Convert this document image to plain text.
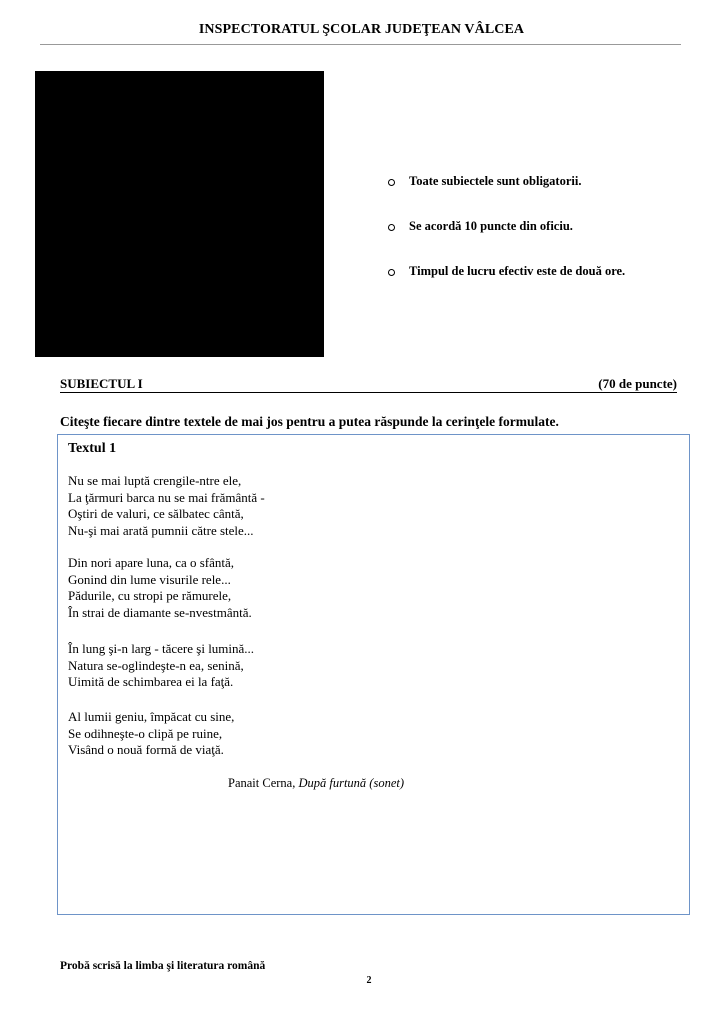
INSPECTORATUL ŞCOLAR JUDEŢEAN VÂLCEA
Toate subiectele sunt obligatorii.
Se acordă 10 puncte din oficiu.
Timpul de lucru efectiv este de două ore.
SUBIECTUL I	(70 de puncte)
Citeşte fiecare dintre textele de mai jos pentru a putea răspunde la cerinţele formulate.
Textul 1
Nu se mai luptă crengile-ntre ele,
La ţărmuri barca nu se mai frământă -
Oştiri de valuri, ce sălbatec cântă,
Nu-şi mai arată pumnii către stele...
Din nori apare luna, ca o sfântă,
Gonind din lume visurile rele...
Pădurile, cu stropi pe rămurele,
În strai de diamante se-nvestmântă.
În lung şi-n larg - tăcere şi lumină...
Natura se-oglindeşte-n ea, senină,
Uimită de schimbarea ei la faţă.
Al lumii geniu, împăcat cu sine,
Se odihneşte-o clipă pe ruine,
Visând o nouă formă de viaţă.
Panait Cerna, După furtună (sonet)
Probă scrisă la limba şi literatura română
2
